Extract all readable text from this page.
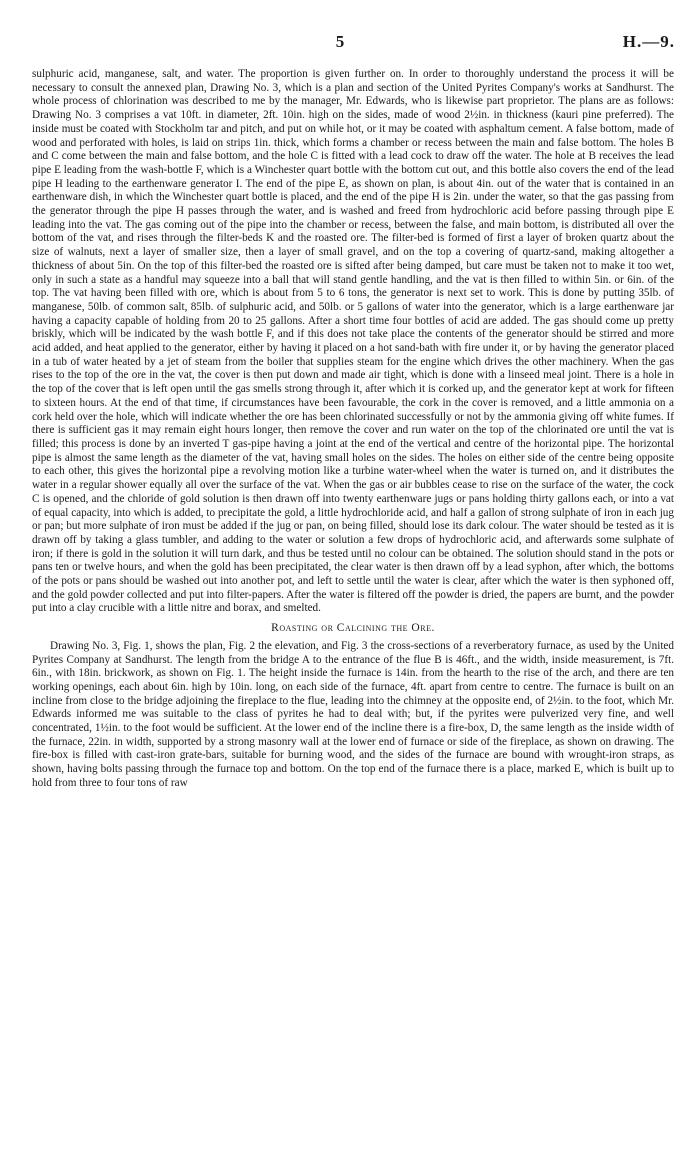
5	H.—9.

sulphuric acid, manganese, salt, and water. The proportion is given further on. In order to thoroughly understand the process it will be necessary to consult the annexed plan, Drawing No. 3, which is a plan and section of the United Pyrites Company's works at Sandhurst. The whole process of chlorination was described to me by the manager, Mr. Edwards, who is likewise part proprietor. The plans are as follows: Drawing No. 3 comprises a vat 10ft. in diameter, 2ft. 10in. high on the sides, made of wood 2½in. in thickness (kauri pine preferred). The inside must be coated with Stockholm tar and pitch, and put on while hot, or it may be coated with asphaltum cement. A false bottom, made of wood and perforated with holes, is laid on strips 1in. thick, which forms a chamber or recess between the main and false bottom. The holes B and C come between the main and false bottom, and the hole C is fitted with a lead cock to draw off the water. The hole at B receives the lead pipe E leading from the wash-bottle F, which is a Winchester quart bottle with the bottom cut out, and this bottle also covers the end of the lead pipe H leading to the earthenware generator I. The end of the pipe E, as shown on plan, is about 4in. out of the water that is contained in an earthenware dish, in which the Winchester quart bottle is placed, and the end of the pipe H is 2in. under the water, so that the gas passing from the generator through the pipe H passes through the water, and is washed and freed from hydrochloric acid before passing through pipe E leading into the vat. The gas coming out of the pipe into the chamber or recess, between the false, and main bottom, is distributed all over the bottom of the vat, and rises through the filter-beds K and the roasted ore. The filter-bed is formed of first a layer of broken quartz about the size of walnuts, next a layer of smaller size, then a layer of small gravel, and on the top a covering of quartz-sand, making altogether a thickness of about 5in. On the top of this filter-bed the roasted ore is sifted after being damped, but care must be taken not to make it too wet, only in such a state as a handful may squeeze into a ball that will stand gentle handling, and the vat is then filled to within 5in. or 6in. of the top. The vat having been filled with ore, which is about from 5 to 6 tons, the generator is next set to work. This is done by putting 35lb. of manganese, 50lb. of common salt, 85lb. of sulphuric acid, and 50lb. or 5 gallons of water into the generator, which is a large earthenware jar having a capacity capable of holding from 20 to 25 gallons. After a short time four bottles of acid are added. The gas should come up pretty briskly, which will be indicated by the wash bottle F, and if this does not take place the contents of the generator should be stirred and more acid added, and heat applied to the generator, either by having it placed on a hot sand-bath with fire under it, or by having the generator placed in a tub of water heated by a jet of steam from the boiler that supplies steam for the engine which drives the other machinery. When the gas rises to the top of the ore in the vat, the cover is then put down and made air tight, which is done with a linseed meal joint. There is a hole in the top of the cover that is left open until the gas smells strong through it, after which it is corked up, and the generator kept at work for fifteen to sixteen hours. At the end of that time, if circumstances have been favourable, the cork in the cover is removed, and a little ammonia on a cork held over the hole, which will indicate whether the ore has been chlorinated successfully or not by the ammonia giving off white fumes. If there is sufficient gas it may remain eight hours longer, then remove the cover and run water on the top of the chlorinated ore until the vat is filled; this process is done by an inverted T gas-pipe having a joint at the end of the vertical and centre of the horizontal pipe. The horizontal pipe is almost the same length as the diameter of the vat, having small holes on the sides. The holes on either side of the centre being opposite to each other, this gives the horizontal pipe a revolving motion like a turbine water-wheel when the water is turned on, and it distributes the water in a regular shower equally all over the surface of the vat. When the gas or air bubbles cease to rise on the surface of the water, the cock C is opened, and the chloride of gold solution is then drawn off into twenty earthenware jugs or pans holding thirty gallons each, or into a vat of equal capacity, into which is added, to precipitate the gold, a little hydrochloride acid, and half a gallon of strong sulphate of iron in each jug or pan; but more sulphate of iron must be added if the jug or pan, on being filled, should lose its dark colour. The water should be tested as it is drawn off by taking a glass tumbler, and adding to the water or solution a few drops of hydrochloric acid, and afterwards some sulphate of iron; if there is gold in the solution it will turn dark, and thus be tested until no colour can be obtained. The solution should stand in the pots or pans ten or twelve hours, and when the gold has been precipitated, the clear water is then drawn off by a lead syphon, after which, the bottoms of the pots or pans should be washed out into another pot, and left to settle until the water is clear, after which the water is then syphoned off, and the gold powder collected and put into filter-papers. After the water is filtered off the powder is dried, the papers are burnt, and the powder put into a clay crucible with a little nitre and borax, and smelted.

Roasting or Calcining the Ore.

Drawing No. 3, Fig. 1, shows the plan, Fig. 2 the elevation, and Fig. 3 the cross-sections of a reverberatory furnace, as used by the United Pyrites Company at Sandhurst. The length from the bridge A to the entrance of the flue B is 46ft., and the width, inside measurement, is 7ft. 6in., with 18in. brickwork, as shown on Fig. 1. The height inside the furnace is 14in. from the hearth to the rise of the arch, and there are ten working openings, each about 6in. high by 10in. long, on each side of the furnace, 4ft. apart from centre to centre. The furnace is built on an incline from close to the bridge adjoining the fireplace to the flue, leading into the chimney at the opposite end, of 2½in. to the foot, which Mr. Edwards informed me was suitable to the class of pyrites he had to deal with; but, if the pyrites were pulverized very fine, and well concentrated, 1½in. to the foot would be sufficient. At the lower end of the incline there is a fire-box, D, the same length as the inside width of the furnace, 22in. in width, supported by a strong masonry wall at the lower end of furnace or side of the fireplace, as shown on drawing. The fire-box is filled with cast-iron grate-bars, suitable for burning wood, and the sides of the furnace are bound with wrought-iron straps, as shown, having bolts passing through the furnace top and bottom. On the top end of the furnace there is a place, marked E, which is built up to hold from three to four tons of raw
